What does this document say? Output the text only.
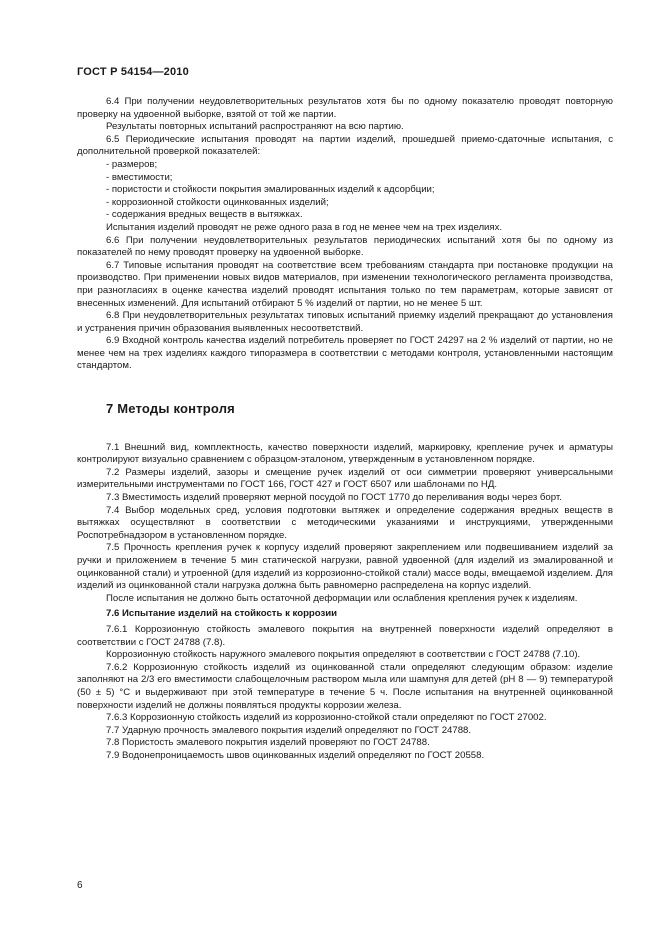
ГОСТ Р 54154—2010

6.4 При получении неудовлетворительных результатов хотя бы по одному показателю проводят повторную проверку на удвоенной выборке, взятой от той же партии.

Результаты повторных испытаний распространяют на всю партию.

6.5 Периодические испытания проводят на партии изделий, прошедшей приемо-сдаточные испытания, с дополнительной проверкой показателей:

- размеров;

- вместимости;

- пористости и стойкости покрытия эмалированных изделий к адсорбции;

- коррозионной стойкости оцинкованных изделий;

- содержания вредных веществ в вытяжках.

Испытания изделий проводят не реже одного раза в год не менее чем на трех изделиях.

6.6 При получении неудовлетворительных результатов периодических испытаний хотя бы по одному из показателей по нему проводят проверку на удвоенной выборке.

6.7 Типовые испытания проводят на соответствие всем требованиям стандарта при постановке продукции на производство. При применении новых видов материалов, при изменении технологического регламента производства, при разногласиях в оценке качества изделий проводят испытания только по тем параметрам, которые зависят от внесенных изменений. Для испытаний отбирают 5 % изделий от партии, но не менее 5 шт.

6.8 При неудовлетворительных результатах типовых испытаний приемку изделий прекращают до установления и устранения причин образования выявленных несоответствий.

6.9 Входной контроль качества изделий потребитель проверяет по ГОСТ 24297 на 2 % изделий от партии, но не менее чем на трех изделиях каждого типоразмера в соответствии с методами контроля, установленными настоящим стандартом.

7 Методы контроля

7.1 Внешний вид, комплектность, качество поверхности изделий, маркировку, крепление ручек и арматуры контролируют визуально сравнением с образцом-эталоном, утвержденным в установленном порядке.

7.2 Размеры изделий, зазоры и смещение ручек изделий от оси симметрии проверяют универсальными измерительными инструментами по ГОСТ 166, ГОСТ 427 и ГОСТ 6507 или шаблонами по НД.

7.3 Вместимость изделий проверяют мерной посудой по ГОСТ 1770 до переливания воды через борт.

7.4 Выбор модельных сред, условия подготовки вытяжек и определение содержания вредных веществ в вытяжках осуществляют в соответствии с методическими указаниями и инструкциями, утвержденными Роспотребнадзором в установленном порядке.

7.5 Прочность крепления ручек к корпусу изделий проверяют закреплением или подвешиванием изделий за ручки и приложением в течение 5 мин статической нагрузки, равной удвоенной (для изделий из эмалированной и оцинкованной стали) и утроенной (для изделий из коррозионно-стойкой стали) массе воды, вмещаемой изделием. Для изделий из оцинкованной стали нагрузка должна быть равномерно распределена на корпус изделий.

После испытания не должно быть остаточной деформации или ослабления крепления ручек к изделиям.

7.6 Испытание изделий на стойкость к коррозии

7.6.1 Коррозионную стойкость эмалевого покрытия на внутренней поверхности изделий определяют в соответствии с ГОСТ 24788 (7.8).

Коррозионную стойкость наружного эмалевого покрытия определяют в соответствии с ГОСТ 24788 (7.10).

7.6.2 Коррозионную стойкость изделий из оцинкованной стали определяют следующим образом: изделие заполняют на 2/3 его вместимости слабощелочным раствором мыла или шампуня для детей (рН 8 — 9) температурой (50 ± 5) °С и выдерживают при этой температуре в течение 5 ч. После испытания на внутренней оцинкованной поверхности изделий не должны появляться продукты коррозии железа.

7.6.3 Коррозионную стойкость изделий из коррозионно-стойкой стали определяют по ГОСТ 27002.

7.7 Ударную прочность эмалевого покрытия изделий определяют по ГОСТ 24788.

7.8 Пористость эмалевого покрытия изделий проверяют по ГОСТ 24788.

7.9 Водонепроницаемость швов оцинкованных изделий определяют по ГОСТ 20558.

6
